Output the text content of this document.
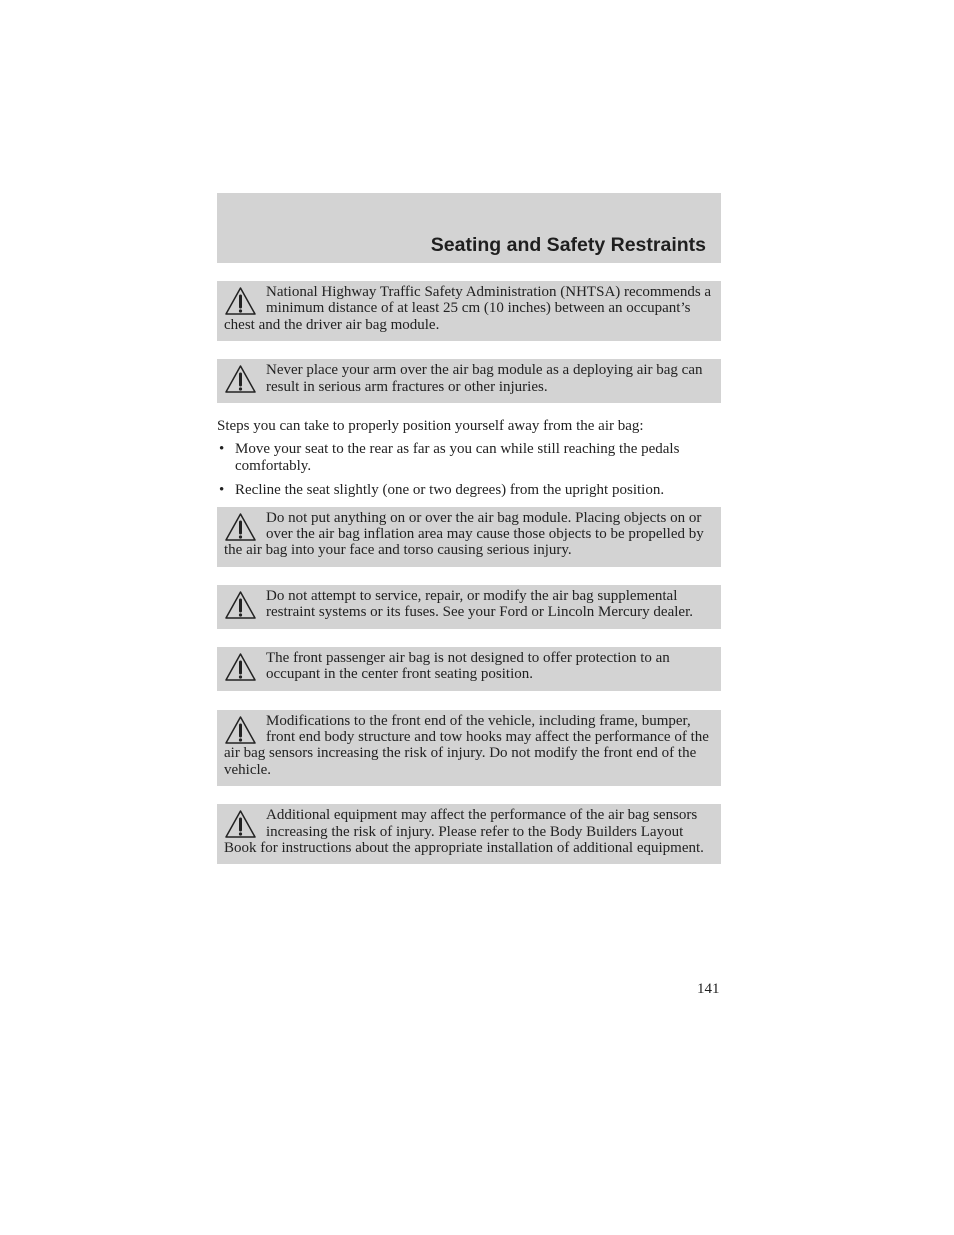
Seating and Safety Restraints

National Highway Traffic Safety Administration (NHTSA) recommends a minimum distance of at least 25 cm (10 inches) between an occupant’s chest and the driver air bag module.

Never place your arm over the air bag module as a deploying air bag can result in serious arm fractures or other injuries.

Steps you can take to properly position yourself away from the air bag:

• Move your seat to the rear as far as you can while still reaching the pedals comfortably.
• Recline the seat slightly (one or two degrees) from the upright position.

Do not put anything on or over the air bag module. Placing objects on or over the air bag inflation area may cause those objects to be propelled by the air bag into your face and torso causing serious injury.

Do not attempt to service, repair, or modify the air bag supplemental restraint systems or its fuses. See your Ford or Lincoln Mercury dealer.

The front passenger air bag is not designed to offer protection to an occupant in the center front seating position.

Modifications to the front end of the vehicle, including frame, bumper, front end body structure and tow hooks may affect the performance of the air bag sensors increasing the risk of injury. Do not modify the front end of the vehicle.

Additional equipment may affect the performance of the air bag sensors increasing the risk of injury. Please refer to the Body Builders Layout Book for instructions about the appropriate installation of additional equipment.

141
